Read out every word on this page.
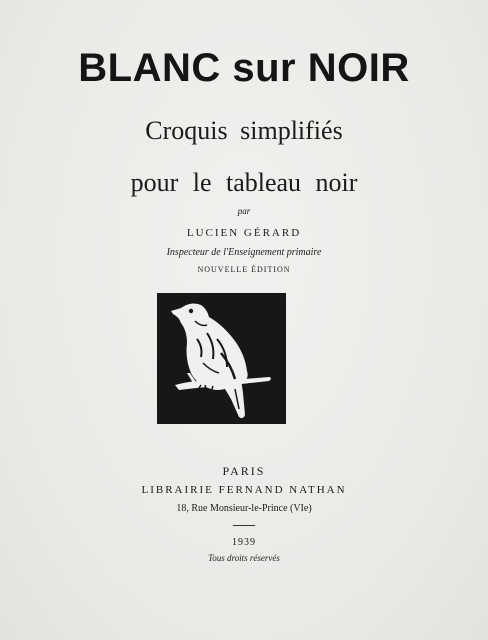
BLANC sur NOIR
Croquis simplifiés
pour le tableau noir
par
LUCIEN GÉRARD
Inspecteur de l'Enseignement primaire
NOUVELLE ÉDITION
PARIS
LIBRAIRIE FERNAND NATHAN
18, Rue Monsieur-le-Prince (VIe)
1939
Tous droits réservés
